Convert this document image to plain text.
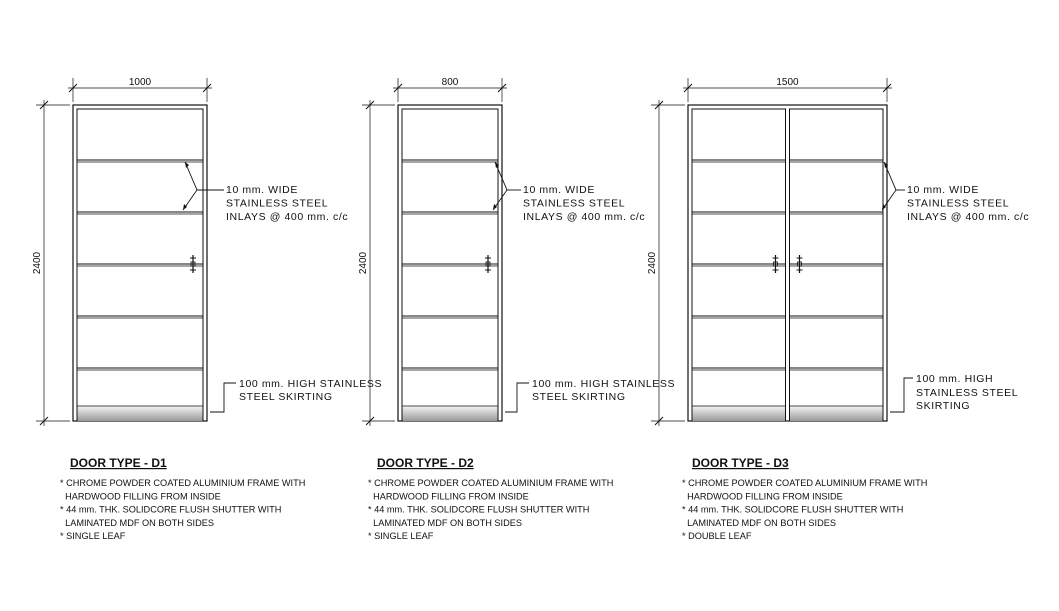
1000
2400
10 mm. WIDE
STAINLESS STEEL
INLAYS @ 400 mm. c/c
100 mm. HIGH STAINLESS
STEEL SKIRTING
800
2400
10 mm. WIDE
STAINLESS STEEL
INLAYS @ 400 mm. c/c
100 mm. HIGH STAINLESS
STEEL SKIRTING
1500
2400
10 mm. WIDE
STAINLESS STEEL
INLAYS @ 400 mm. c/c
100 mm. HIGH
STAINLESS STEEL
SKIRTING
DOOR TYPE - D1
* CHROME POWDER COATED ALUMINIUM FRAME WITH
HARDWOOD FILLING FROM INSIDE
* 44 mm. THK. SOLIDCORE FLUSH SHUTTER WITH
LAMINATED MDF ON BOTH SIDES
* SINGLE LEAF
DOOR TYPE - D2
* CHROME POWDER COATED ALUMINIUM FRAME WITH
HARDWOOD FILLING FROM INSIDE
* 44 mm. THK. SOLIDCORE FLUSH SHUTTER WITH
LAMINATED MDF ON BOTH SIDES
* SINGLE LEAF
DOOR TYPE - D3
* CHROME POWDER COATED ALUMINIUM FRAME WITH
HARDWOOD FILLING FROM INSIDE
* 44 mm. THK. SOLIDCORE FLUSH SHUTTER WITH
LAMINATED MDF ON BOTH SIDES
* DOUBLE LEAF
